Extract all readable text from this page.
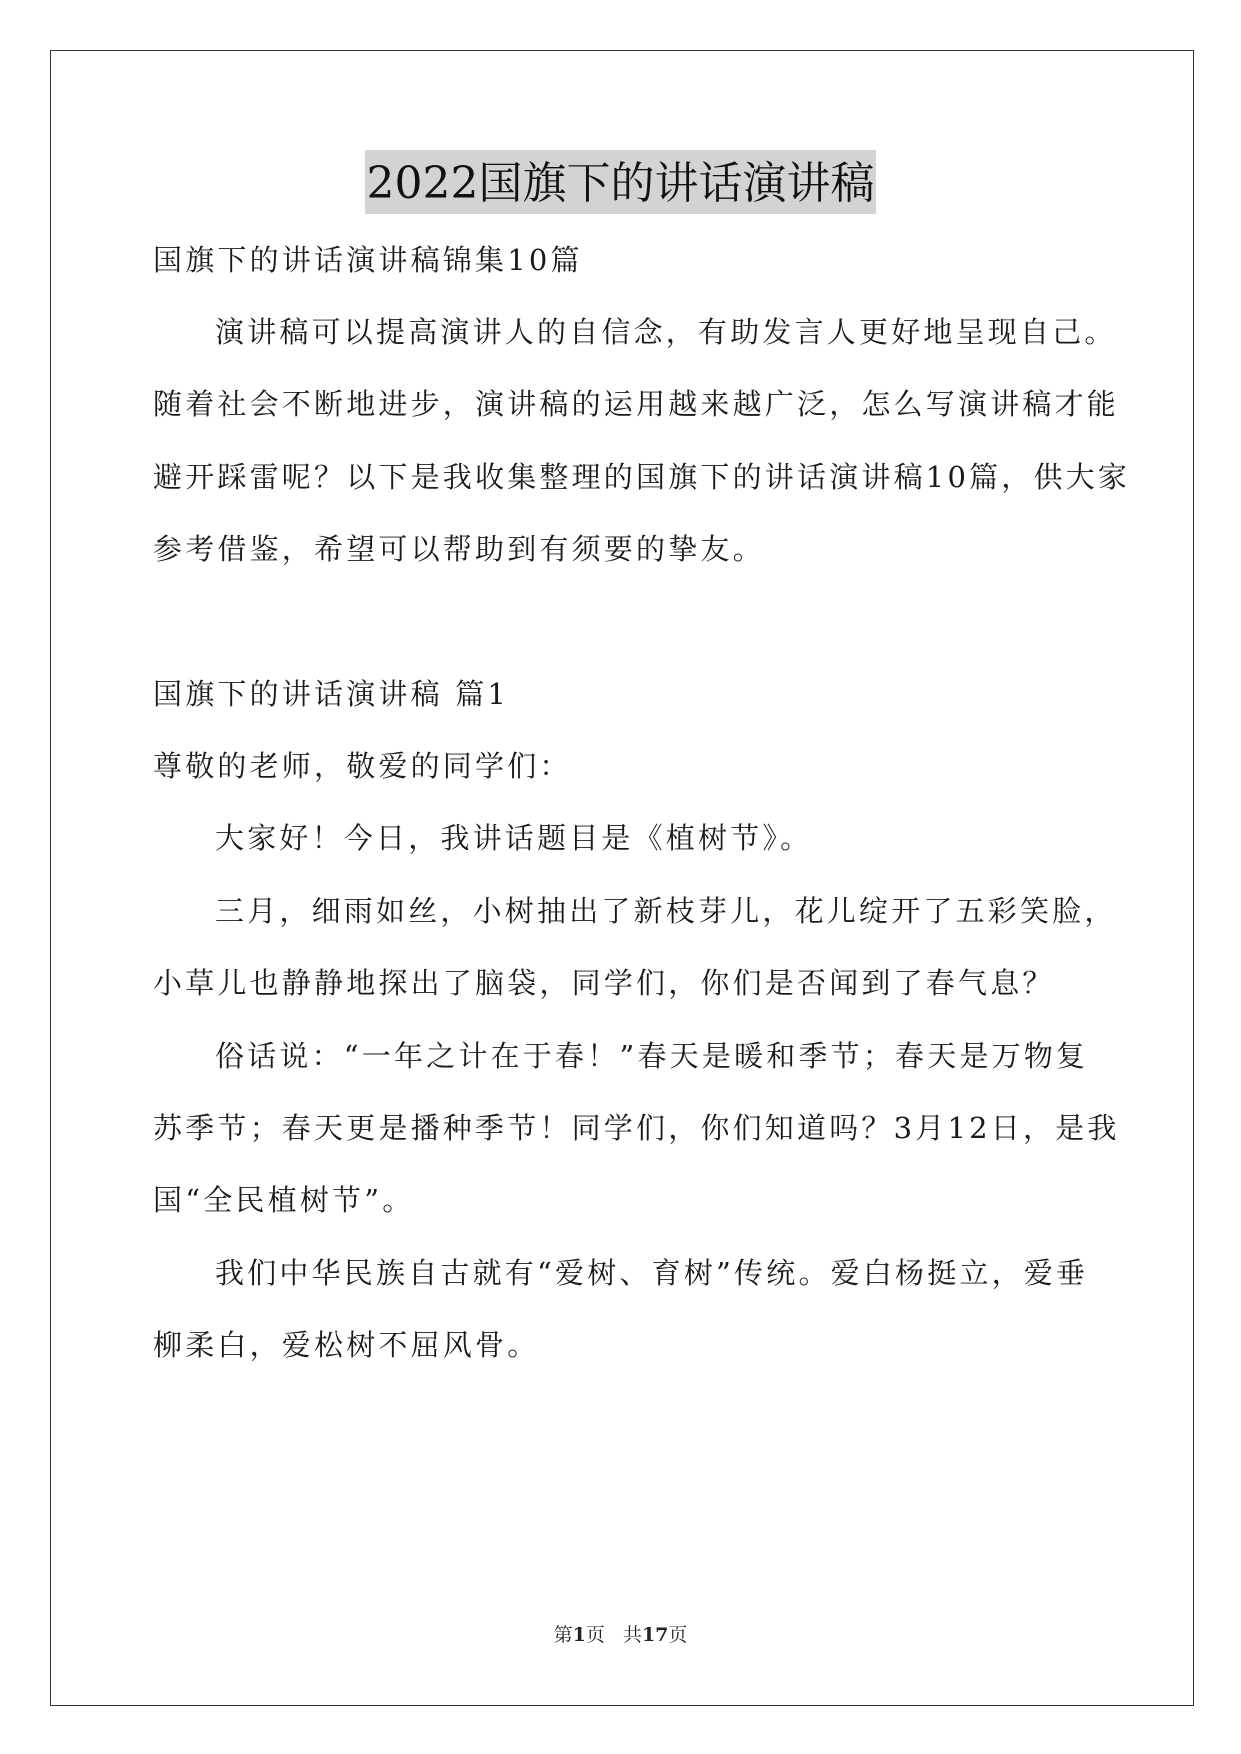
2022国旗下的讲话演讲稿
国旗下的讲话演讲稿锦集10篇
演讲稿可以提高演讲人的自信念，有助发言人更好地呈现自己。
随着社会不断地进步，演讲稿的运用越来越广泛，怎么写演讲稿才能
避开踩雷呢？以下是我收集整理的国旗下的讲话演讲稿10篇，供大家
参考借鉴，希望可以帮助到有须要的挚友。
国旗下的讲话演讲稿 篇1
尊敬的老师，敬爱的同学们：
大家好！今日，我讲话题目是《植树节》。
三月，细雨如丝，小树抽出了新枝芽儿，花儿绽开了五彩笑脸，
小草儿也静静地探出了脑袋，同学们，你们是否闻到了春气息？
俗话说：“一年之计在于春！”春天是暖和季节；春天是万物复
苏季节；春天更是播种季节！同学们，你们知道吗？3月12日，是我
国“全民植树节”。
我们中华民族自古就有“爱树、育树”传统。爱白杨挺立，爱垂
柳柔白，爱松树不屈风骨。
第1页   共17页
